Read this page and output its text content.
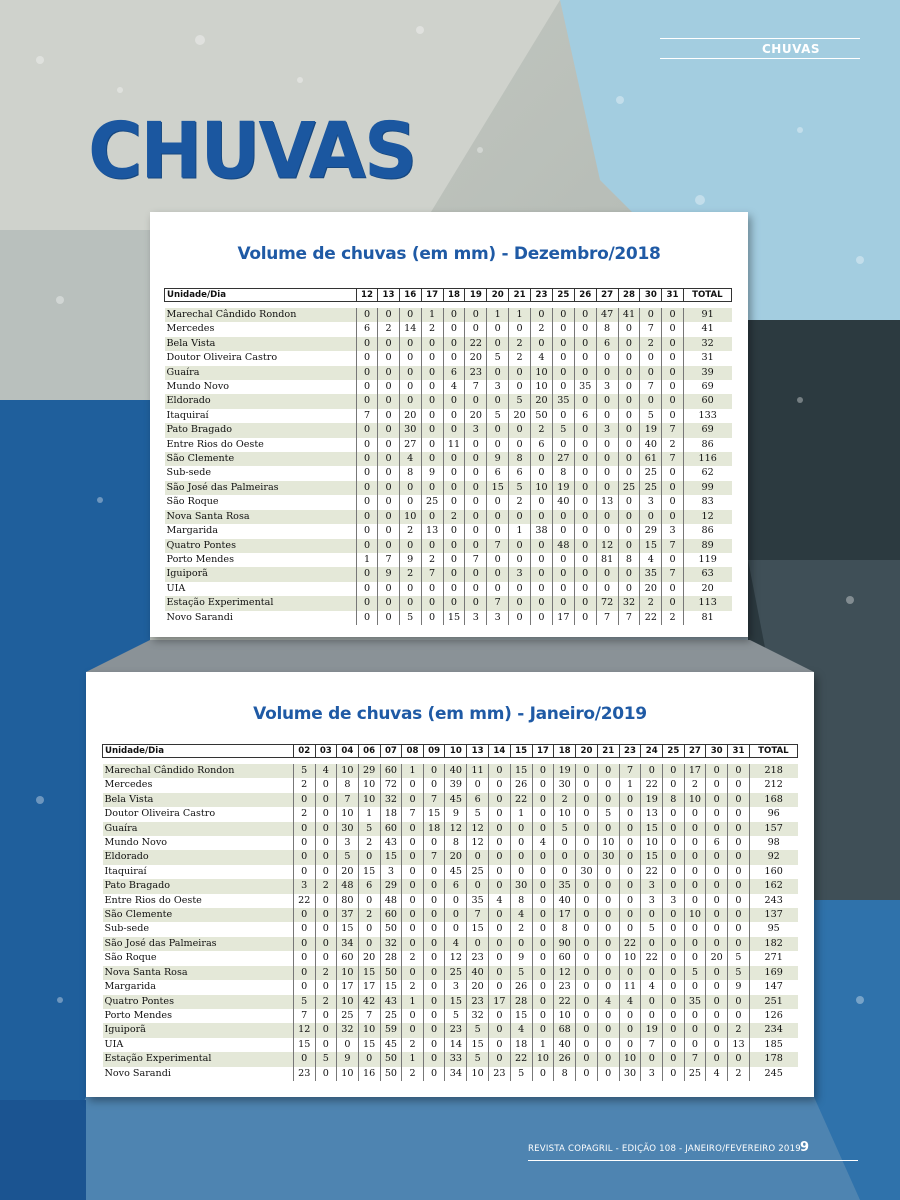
CHUVAS
CHUVAS
Volume de chuvas (em mm) - Dezembro/2018
Unidade/Dia	12	13	16	17	18	19	20	21	23	25	26	27	28	30	31	TOTAL

Marechal Cândido Rondon	0	0	0	1	0	0	1	1	0	0	0	47	41	0	0	91
Mercedes	6	2	14	2	0	0	0	0	2	0	0	8	0	7	0	41
Bela Vista	0	0	0	0	0	22	0	2	0	0	0	6	0	2	0	32
Doutor Oliveira Castro	0	0	0	0	0	20	5	2	4	0	0	0	0	0	0	31
Guaíra	0	0	0	0	6	23	0	0	10	0	0	0	0	0	0	39
Mundo Novo	0	0	0	0	4	7	3	0	10	0	35	3	0	7	0	69
Eldorado	0	0	0	0	0	0	0	5	20	35	0	0	0	0	0	60
Itaquiraí	7	0	20	0	0	20	5	20	50	0	6	0	0	5	0	133
Pato Bragado	0	0	30	0	0	3	0	0	2	5	0	3	0	19	7	69
Entre Rios do Oeste	0	0	27	0	11	0	0	0	6	0	0	0	0	40	2	86
São Clemente	0	0	4	0	0	0	9	8	0	27	0	0	0	61	7	116
Sub-sede	0	0	8	9	0	0	6	6	0	8	0	0	0	25	0	62
São José das Palmeiras	0	0	0	0	0	0	15	5	10	19	0	0	25	25	0	99
São Roque	0	0	0	25	0	0	0	2	0	40	0	13	0	3	0	83
Nova Santa Rosa	0	0	10	0	2	0	0	0	0	0	0	0	0	0	0	12
Margarida	0	0	2	13	0	0	0	1	38	0	0	0	0	29	3	86
Quatro Pontes	0	0	0	0	0	0	7	0	0	48	0	12	0	15	7	89
Porto Mendes	1	7	9	2	0	7	0	0	0	0	0	81	8	4	0	119
Iguiporã	0	9	2	7	0	0	0	3	0	0	0	0	0	35	7	63
UIA	0	0	0	0	0	0	0	0	0	0	0	0	0	20	0	20
Estação Experimental	0	0	0	0	0	0	7	0	0	0	0	72	32	2	0	113
Novo Sarandi	0	0	5	0	15	3	3	0	0	17	0	7	7	22	2	81
Volume de chuvas (em mm) - Janeiro/2019
Unidade/Dia	02	03	04	06	07	08	09	10	13	14	15	17	18	20	21	23	24	25	27	30	31	TOTAL

Marechal Cândido Rondon	5	4	10	29	60	1	0	40	11	0	15	0	19	0	0	7	0	0	17	0	0	218
Mercedes	2	0	8	10	72	0	0	39	0	0	26	0	30	0	0	1	22	0	2	0	0	212
Bela Vista	0	0	7	10	32	0	7	45	6	0	22	0	2	0	0	0	19	8	10	0	0	168
Doutor Oliveira Castro	2	0	10	1	18	7	15	9	5	0	1	0	10	0	5	0	13	0	0	0	0	96
Guaíra	0	0	30	5	60	0	18	12	12	0	0	0	5	0	0	0	15	0	0	0	0	157
Mundo Novo	0	0	3	2	43	0	0	8	12	0	0	4	0	0	10	0	10	0	0	6	0	98
Eldorado	0	0	5	0	15	0	7	20	0	0	0	0	0	0	30	0	15	0	0	0	0	92
Itaquiraí	0	0	20	15	3	0	0	45	25	0	0	0	0	30	0	0	22	0	0	0	0	160
Pato Bragado	3	2	48	6	29	0	0	6	0	0	30	0	35	0	0	0	3	0	0	0	0	162
Entre Rios do Oeste	22	0	80	0	48	0	0	0	35	4	8	0	40	0	0	0	3	3	0	0	0	243
São Clemente	0	0	37	2	60	0	0	0	7	0	4	0	17	0	0	0	0	0	10	0	0	137
Sub-sede	0	0	15	0	50	0	0	0	15	0	2	0	8	0	0	0	5	0	0	0	0	95
São José das Palmeiras	0	0	34	0	32	0	0	4	0	0	0	0	90	0	0	22	0	0	0	0	0	182
São Roque	0	0	60	20	28	2	0	12	23	0	9	0	60	0	0	10	22	0	0	20	5	271
Nova Santa Rosa	0	2	10	15	50	0	0	25	40	0	5	0	12	0	0	0	0	0	5	0	5	169
Margarida	0	0	17	17	15	2	0	3	20	0	26	0	23	0	0	11	4	0	0	0	9	147
Quatro Pontes	5	2	10	42	43	1	0	15	23	17	28	0	22	0	4	4	0	0	35	0	0	251
Porto Mendes	7	0	25	7	25	0	0	5	32	0	15	0	10	0	0	0	0	0	0	0	0	126
Iguiporã	12	0	32	10	59	0	0	23	5	0	4	0	68	0	0	0	19	0	0	0	2	234
UIA	15	0	0	15	45	2	0	14	15	0	18	1	40	0	0	0	7	0	0	0	13	185
Estação Experimental	0	5	9	0	50	1	0	33	5	0	22	10	26	0	0	10	0	0	7	0	0	178
Novo Sarandi	23	0	10	16	50	2	0	34	10	23	5	0	8	0	0	30	3	0	25	4	2	245
REVISTA COPAGRIL - EDIÇÃO 108 - JANEIRO/FEVEREIRO 2019 9
